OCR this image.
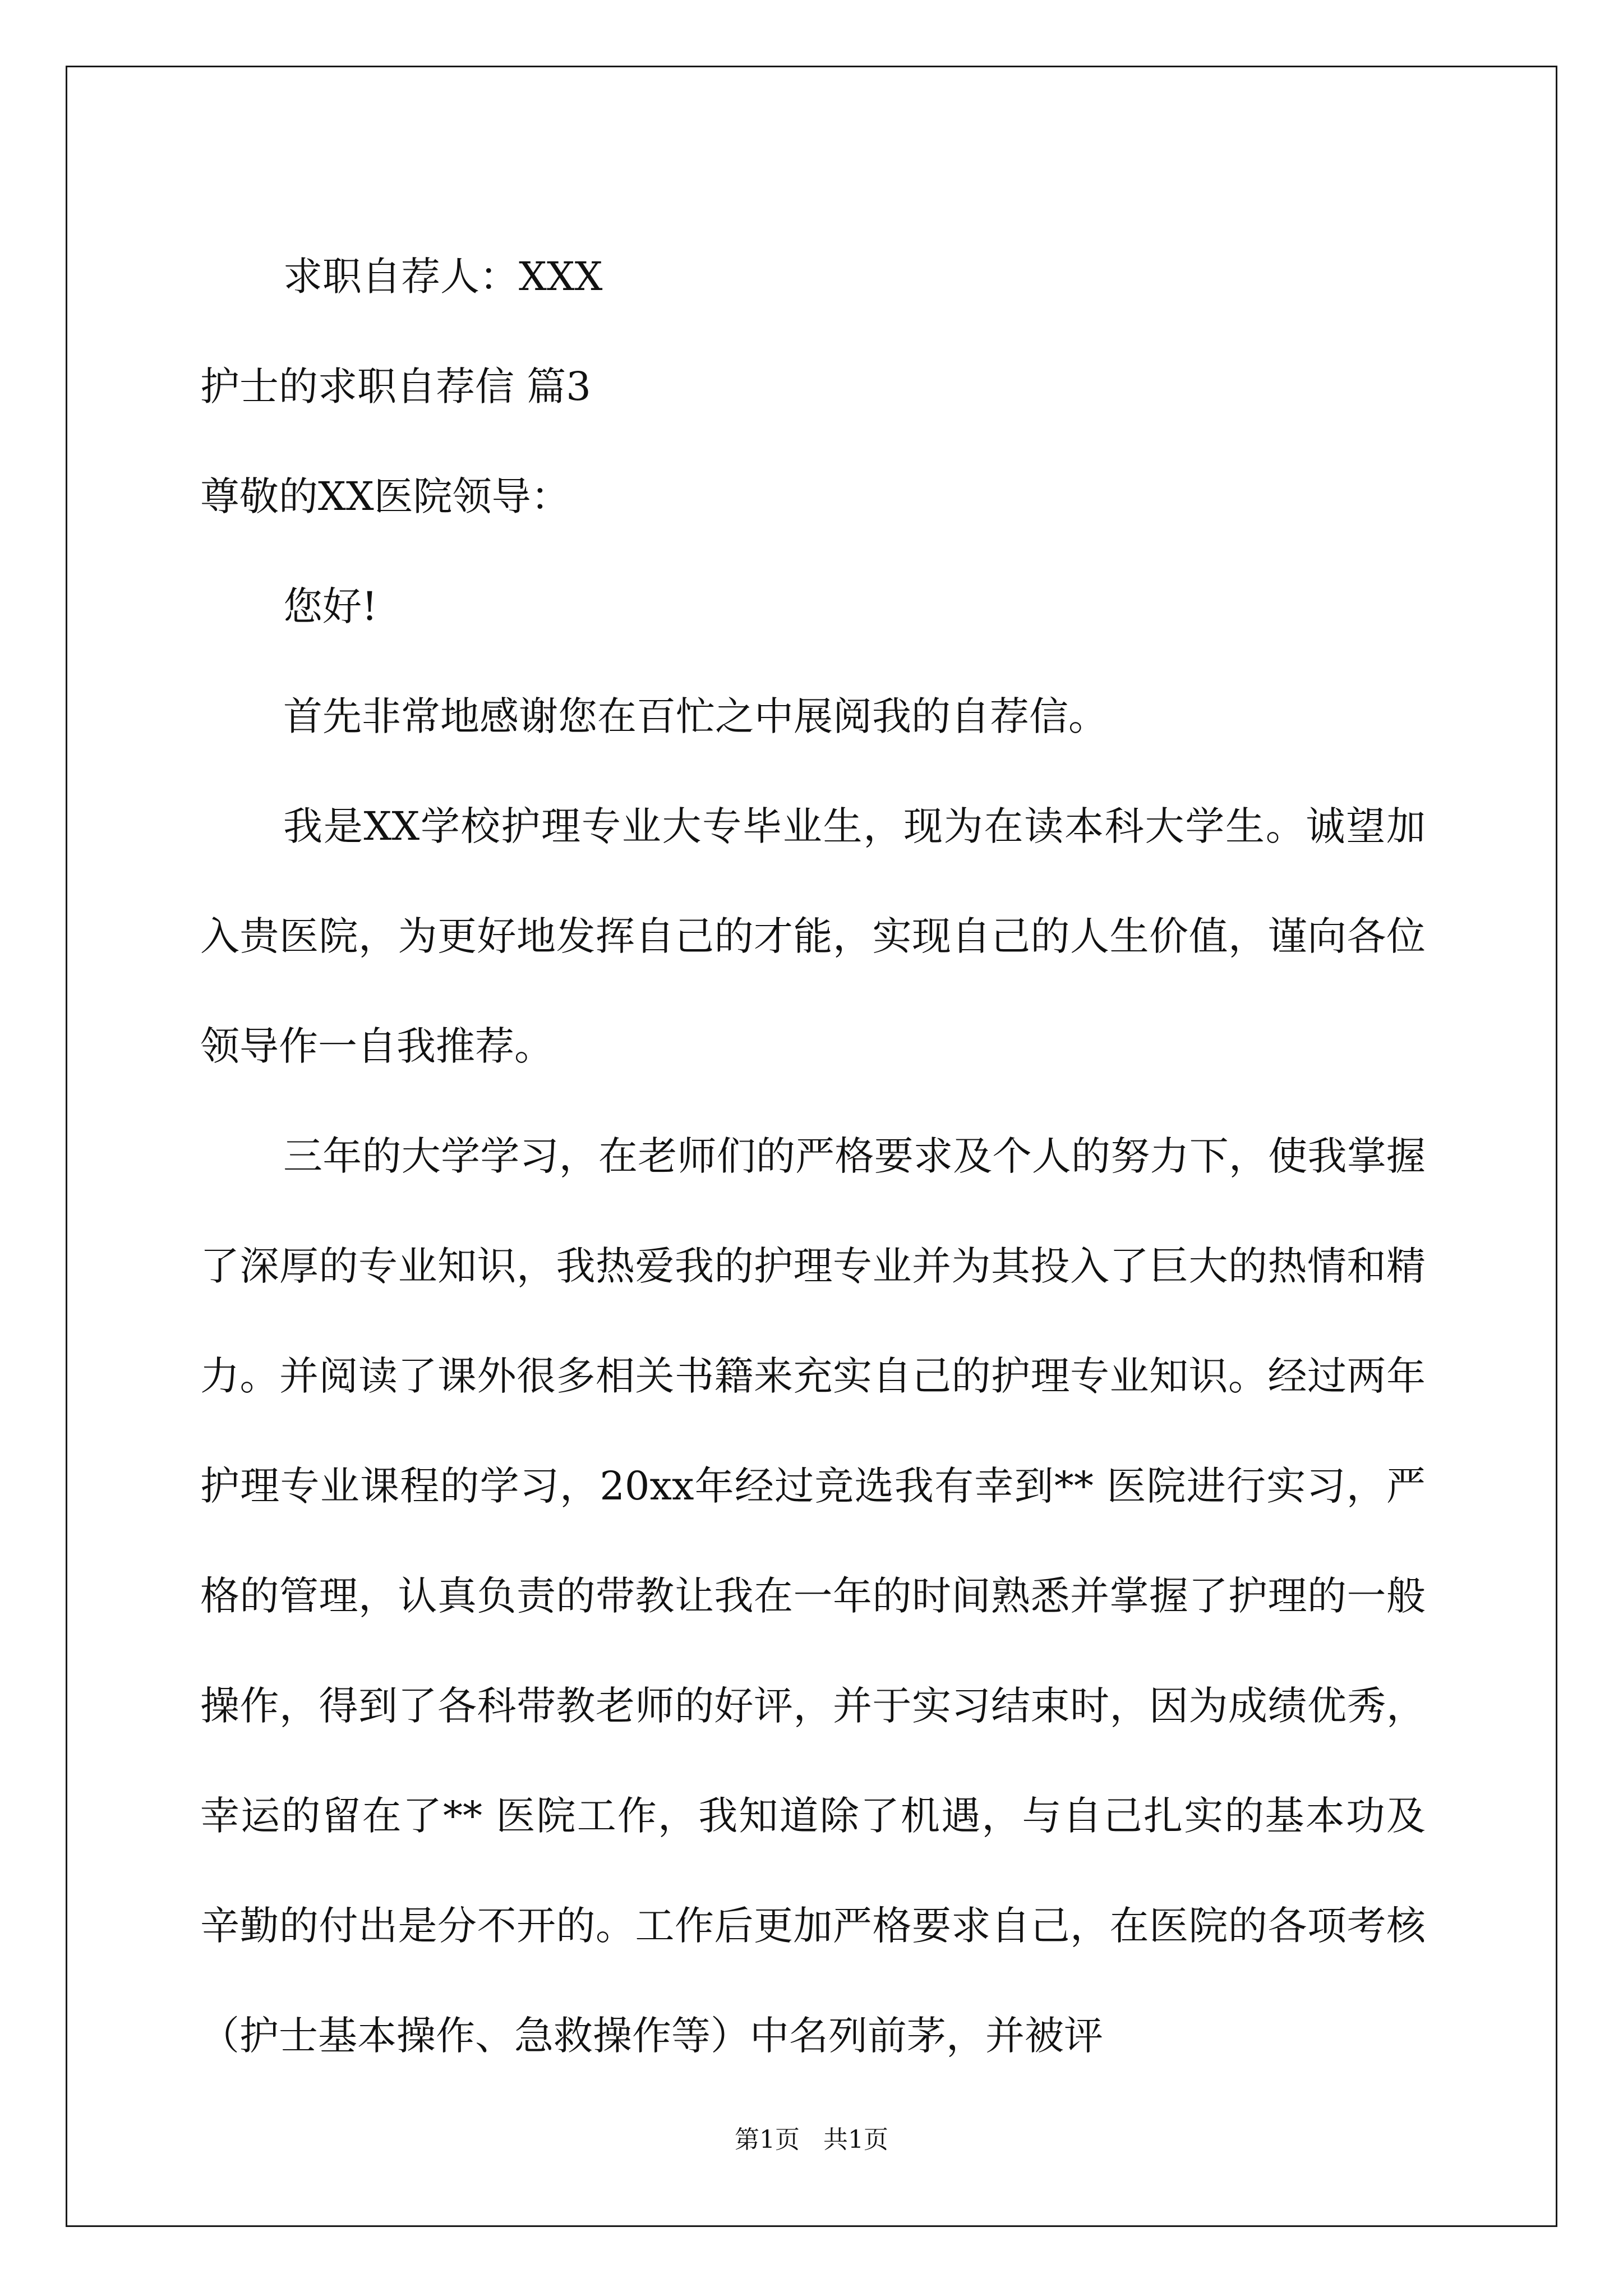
求职自荐人：XXX

护士的求职自荐信 篇3

尊敬的XX医院领导：

您好!

首先非常地感谢您在百忙之中展阅我的自荐信。

我是XX学校护理专业大专毕业生，现为在读本科大学生。诚望加入贵医院，为更好地发挥自己的才能，实现自己的人生价值，谨向各位领导作一自我推荐。

三年的大学学习，在老师们的严格要求及个人的努力下，使我掌握了深厚的专业知识，我热爱我的护理专业并为其投入了巨大的热情和精力。并阅读了课外很多相关书籍来充实自己的护理专业知识。经过两年护理专业课程的学习，20xx年经过竞选我有幸到** 医院进行实习，严格的管理，认真负责的带教让我在一年的时间熟悉并掌握了护理的一般操作，得到了各科带教老师的好评，并于实习结束时，因为成绩优秀，幸运的留在了** 医院工作，我知道除了机遇，与自己扎实的基本功及辛勤的付出是分不开的。工作后更加严格要求自己，在医院的各项考核（护士基本操作、急救操作等）中名列前茅，并被评

第1页   共1页
